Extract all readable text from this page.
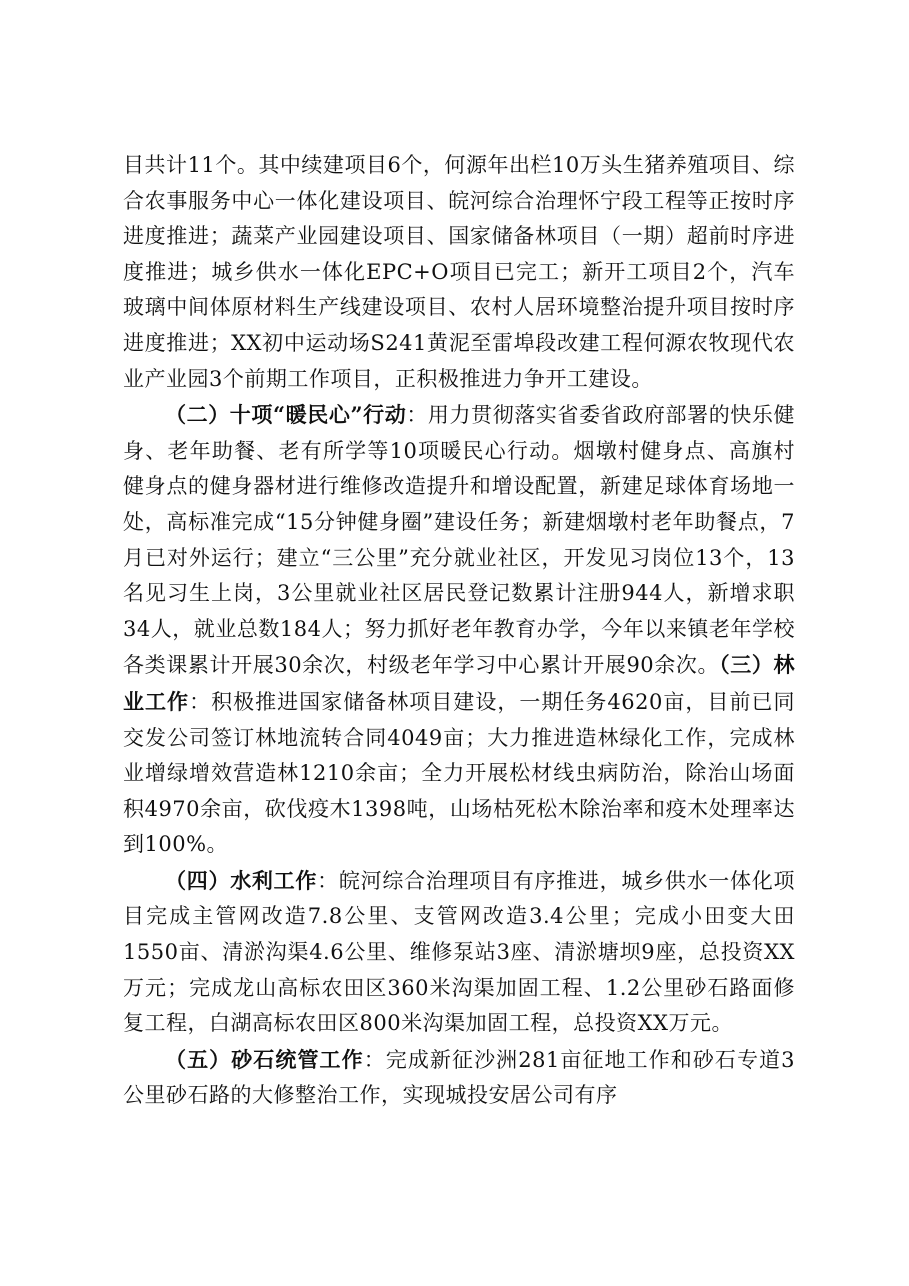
目共计11个。其中续建项目6个，何源年出栏10万头生猪养殖项目、综合农事服务中心一体化建设项目、皖河综合治理怀宁段工程等正按时序进度推进；蔬菜产业园建设项目、国家储备林项目（一期）超前时序进度推进；城乡供水一体化EPC+O项目已完工；新开工项目2个，汽车玻璃中间体原材料生产线建设项目、农村人居环境整治提升项目按时序进度推进；XX初中运动场S241黄泥至雷埠段改建工程何源农牧现代农业产业园3个前期工作项目，正积极推进力争开工建设。

（二）十项“暖民心”行动：用力贯彻落实省委省政府部署的快乐健身、老年助餐、老有所学等10项暖民心行动。烟墩村健身点、高旗村健身点的健身器材进行维修改造提升和增设配置，新建足球体育场地一处，高标准完成“15分钟健身圈”建设任务；新建烟墩村老年助餐点，7月已对外运行；建立“三公里”充分就业社区，开发见习岗位13个，13名见习生上岗，3公里就业社区居民登记数累计注册944人，新增求职34人，就业总数184人；努力抓好老年教育办学，今年以来镇老年学校各类课累计开展30余次，村级老年学习中心累计开展90余次。（三）林业工作：积极推进国家储备林项目建设，一期任务4620亩，目前已同交发公司签订林地流转合同4049亩；大力推进造林绿化工作，完成林业增绿增效营造林1210余亩；全力开展松材线虫病防治，除治山场面积4970余亩，砍伐疫木1398吨，山场枯死松木除治率和疫木处理率达到100%。

（四）水利工作：皖河综合治理项目有序推进，城乡供水一体化项目完成主管网改造7.8公里、支管网改造3.4公里；完成小田变大田1550亩、清淤沟渠4.6公里、维修泵站3座、清淤塘坝9座，总投资XX万元；完成龙山高标农田区360米沟渠加固工程、1.2公里砂石路面修复工程，白湖高标农田区800米沟渠加固工程，总投资XX万元。

（五）砂石统管工作：完成新征沙洲281亩征地工作和砂石专道3公里砂石路的大修整治工作，实现城投安居公司有序
